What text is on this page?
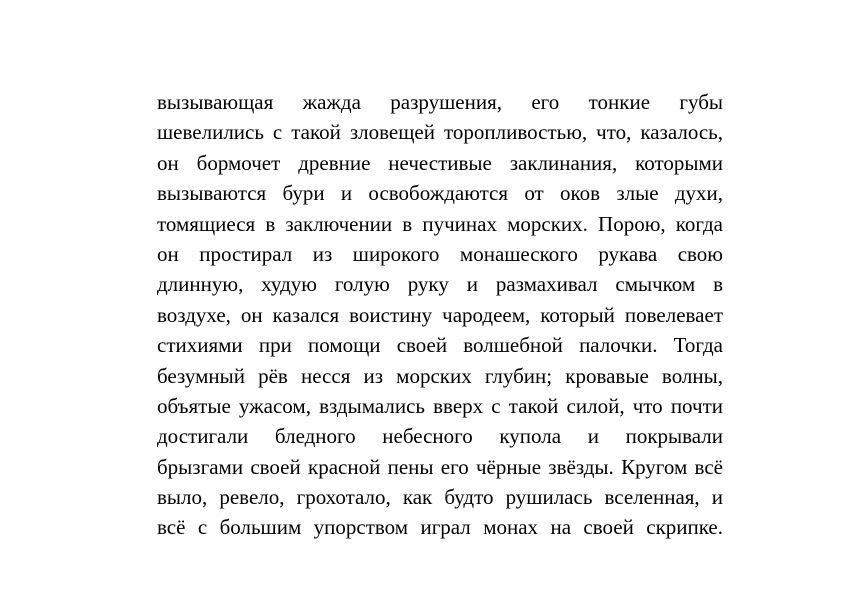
вызывающая жажда разрушения, его тонкие губы
шевелились с такой зловещей торопливостью, что, казалось,
он бормочет древние нечестивые заклинания, которыми
вызываются бури и освобождаются от оков злые духи,
томящиеся в заключении в пучинах морских. Порою, когда
он простирал из широкого монашеского рукава свою
длинную, худую голую руку и размахивал смычком в
воздухе, он казался воистину чародеем, который повелевает
стихиями при помощи своей волшебной палочки. Тогда
безумный рёв несся из морских глубин; кровавые волны,
объятые ужасом, вздымались вверх с такой силой, что почти
достигали бледного небесного купола и покрывали
брызгами своей красной пены его чёрные звёзды. Кругом всё
выло, ревело, грохотало, как будто рушилась вселенная, и
всё с большим упорством играл монах на своей скрипке.
